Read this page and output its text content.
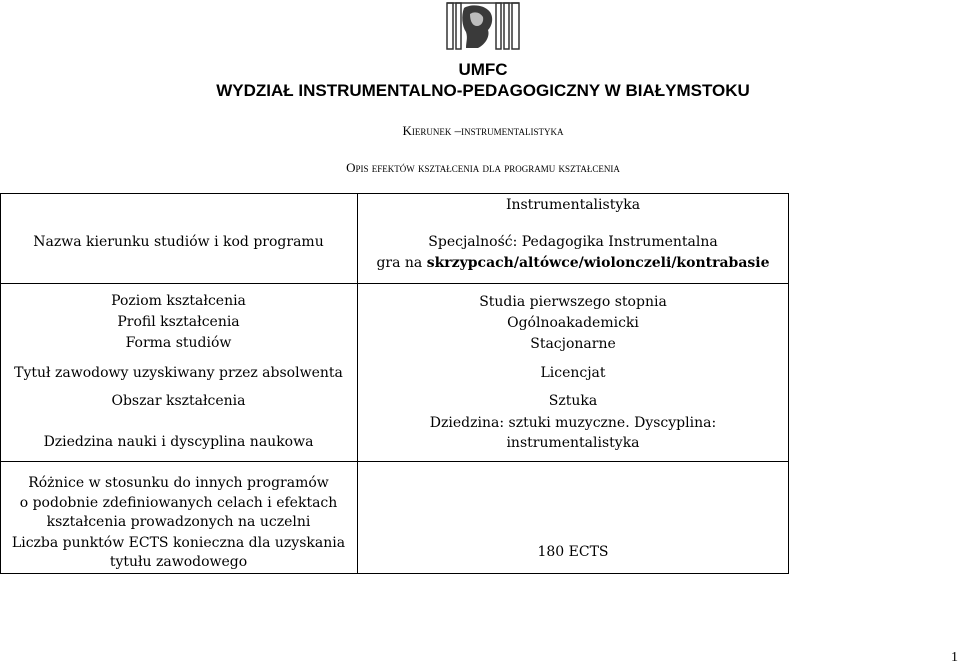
UMFC
WYDZIAŁ INSTRUMENTALNO-PEDAGOGICZNY W BIAŁYMSTOKU
Kierunek –instrumentalistyka
Opis efektów kształcenia dla programu kształcenia
Nazwa kierunku studiów i kod programu
Instrumentalistyka
Specjalność: Pedagogika Instrumentalna
gra na skrzypcach/altówce/wiolonczeli/kontrabasie
Poziom kształcenia
Profil kształcenia
Forma studiów
Tytuł zawodowy uzyskiwany przez absolwenta
Obszar kształcenia
Dziedzina nauki i dyscyplina naukowa
Studia pierwszego stopnia
Ogólnoakademicki
Stacjonarne
Licencjat
Sztuka
Dziedzina: sztuki muzyczne. Dyscyplina:
instrumentalistyka
Różnice w stosunku do innych programów
o podobnie zdefiniowanych celach i efektach
kształcenia prowadzonych na uczelni
Liczba punktów ECTS konieczna dla uzyskania
tytułu zawodowego
180 ECTS
1
